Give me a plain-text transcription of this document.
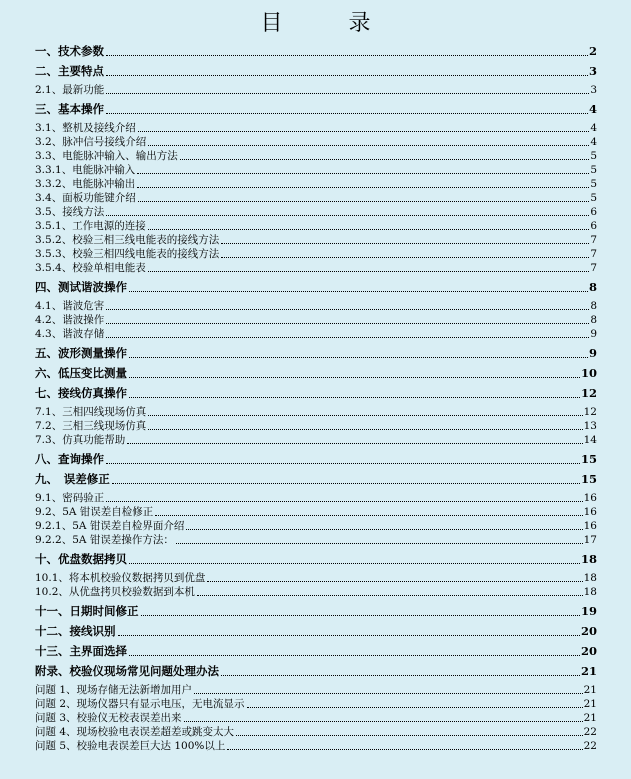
目　录
一、技术参数	2
二、主要特点	3
2.1、最新功能	3
三、基本操作	4
3.1、整机及接线介绍	4
3.2、脉冲信号接线介绍	4
3.3、电能脉冲输入、输出方法	5
3.3.1、电能脉冲输入	5
3.3.2、电能脉冲输出	5
3.4、面板功能键介绍	5
3.5、接线方法	6
3.5.1、工作电源的连接	6
3.5.2、校验三相三线电能表的接线方法	7
3.5.3、校验三相四线电能表的接线方法	7
3.5.4、校验单相电能表	7
四、测试谐波操作	8
4.1、谐波危害	8
4.2、谐波操作	8
4.3、谐波存储	9
五、波形测量操作	9
六、低压变比测量	10
七、接线仿真操作	12
7.1、三相四线现场仿真	12
7.2、三相三线现场仿真	13
7.3、仿真功能帮助	14
八、查询操作	15
九、　误差修正	15
9.1、密码验正	16
9.2、5A 钳误差自检修正	16
9.2.1、5A 钳误差自检界面介绍	16
9.2.2、5A 钳误差操作方法：	17
十、优盘数据拷贝	18
10.1、将本机校验仪数据拷贝到优盘	18
10.2、从优盘拷贝校验数据到本机	18
十一、日期时间修正	19
十二、接线识别	20
十三、主界面选择	20
附录、校验仪现场常见问题处理办法	21
问题 1、现场存储无法新增加用户	21
问题 2、现场仪器只有显示电压，无电流显示	21
问题 3、校验仪无校表误差出来	21
问题 4、现场校验电表误差超差或跳变太大	22
问题 5、校验电表误差巨大达 100%以上	22
